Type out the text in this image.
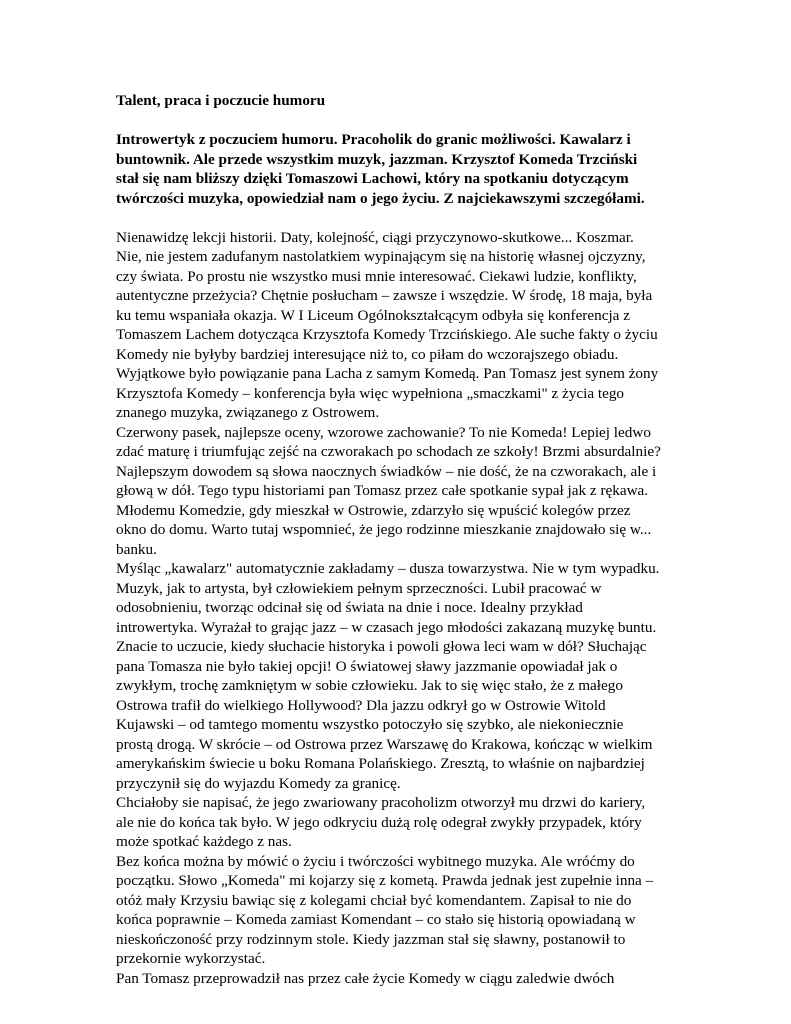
Talent, praca i poczucie humoru
Introwertyk z poczuciem humoru. Pracoholik do granic możliwości. Kawalarz i
buntownik. Ale przede wszystkim muzyk, jazzman. Krzysztof Komeda Trzciński
stał się nam bliższy dzięki Tomaszowi Lachowi, który na spotkaniu dotyczącym
twórczości muzyka, opowiedział nam o jego życiu. Z najciekawszymi szczegółami.
Nienawidzę lekcji historii. Daty, kolejność, ciągi przyczynowo-skutkowe... Koszmar.
Nie, nie jestem zadufanym nastolatkiem wypinającym się na historię własnej ojczyzny,
czy świata. Po prostu nie wszystko musi mnie interesować. Ciekawi ludzie, konflikty,
autentyczne przeżycia? Chętnie posłucham – zawsze i wszędzie. W środę, 18 maja, była
ku temu wspaniała okazja. W I Liceum Ogólnokształcącym odbyła się konferencja z
Tomaszem Lachem dotycząca Krzysztofa Komedy Trzcińskiego. Ale suche fakty o życiu
Komedy nie byłyby bardziej interesujące niż to, co piłam do wczorajszego obiadu.
Wyjątkowe było powiązanie pana Lacha z samym Komedą. Pan Tomasz jest synem żony
Krzysztofa Komedy – konferencja była więc wypełniona „smaczkami" z życia tego
znanego muzyka, związanego z Ostrowem.
Czerwony pasek, najlepsze oceny, wzorowe zachowanie? To nie Komeda! Lepiej ledwo
zdać maturę i triumfując zejść na czworakach po schodach ze szkoły! Brzmi absurdalnie?
Najlepszym dowodem są słowa naocznych świadków – nie dość, że na czworakach, ale i
głową w dół. Tego typu historiami pan Tomasz przez całe spotkanie sypał jak z rękawa.
Młodemu Komedzie, gdy mieszkał w Ostrowie, zdarzyło się wpuścić kolegów przez
okno do domu. Warto tutaj wspomnieć, że jego rodzinne mieszkanie znajdowało się w...
banku.
Myśląc „kawalarz" automatycznie zakładamy – dusza towarzystwa. Nie w tym wypadku.
Muzyk, jak to artysta, był człowiekiem pełnym sprzeczności. Lubił pracować w
odosobnieniu, tworząc odcinał się od świata na dnie i noce. Idealny przykład
introwertyka. Wyrażał to grając jazz – w czasach jego młodości zakazaną muzykę buntu.
Znacie to uczucie, kiedy słuchacie historyka i powoli głowa leci wam w dół? Słuchając
pana Tomasza nie było takiej opcji! O światowej sławy jazzmanie opowiadał jak o
zwykłym, trochę zamkniętym w sobie człowieku. Jak to się więc stało, że z małego
Ostrowa trafił do wielkiego Hollywood? Dla jazzu odkrył go w Ostrowie Witold
Kujawski – od tamtego momentu wszystko potoczyło się szybko, ale niekoniecznie
prostą drogą. W skrócie – od Ostrowa przez Warszawę do Krakowa, kończąc w wielkim
amerykańskim świecie u boku Romana Polańskiego. Zresztą, to właśnie on najbardziej
przyczynił się do wyjazdu Komedy za granicę.
Chciałoby sie napisać, że jego zwariowany pracoholizm otworzył mu drzwi do kariery,
ale nie do końca tak było. W jego odkryciu dużą rolę odegrał zwykły przypadek, który
może spotkać każdego z nas.
Bez końca można by mówić o życiu i twórczości wybitnego muzyka. Ale wróćmy do
początku. Słowo „Komeda" mi kojarzy się z kometą. Prawda jednak jest zupełnie inna –
otóż mały Krzysiu bawiąc się z kolegami chciał być komendantem. Zapisał to nie do
końca poprawnie – Komeda zamiast Komendant – co stało się historią opowiadaną w
nieskończoność przy rodzinnym stole. Kiedy jazzman stał się sławny, postanowił to
przekornie wykorzystać.
Pan Tomasz przeprowadził nas przez całe życie Komedy w ciągu zaledwie dwóch
